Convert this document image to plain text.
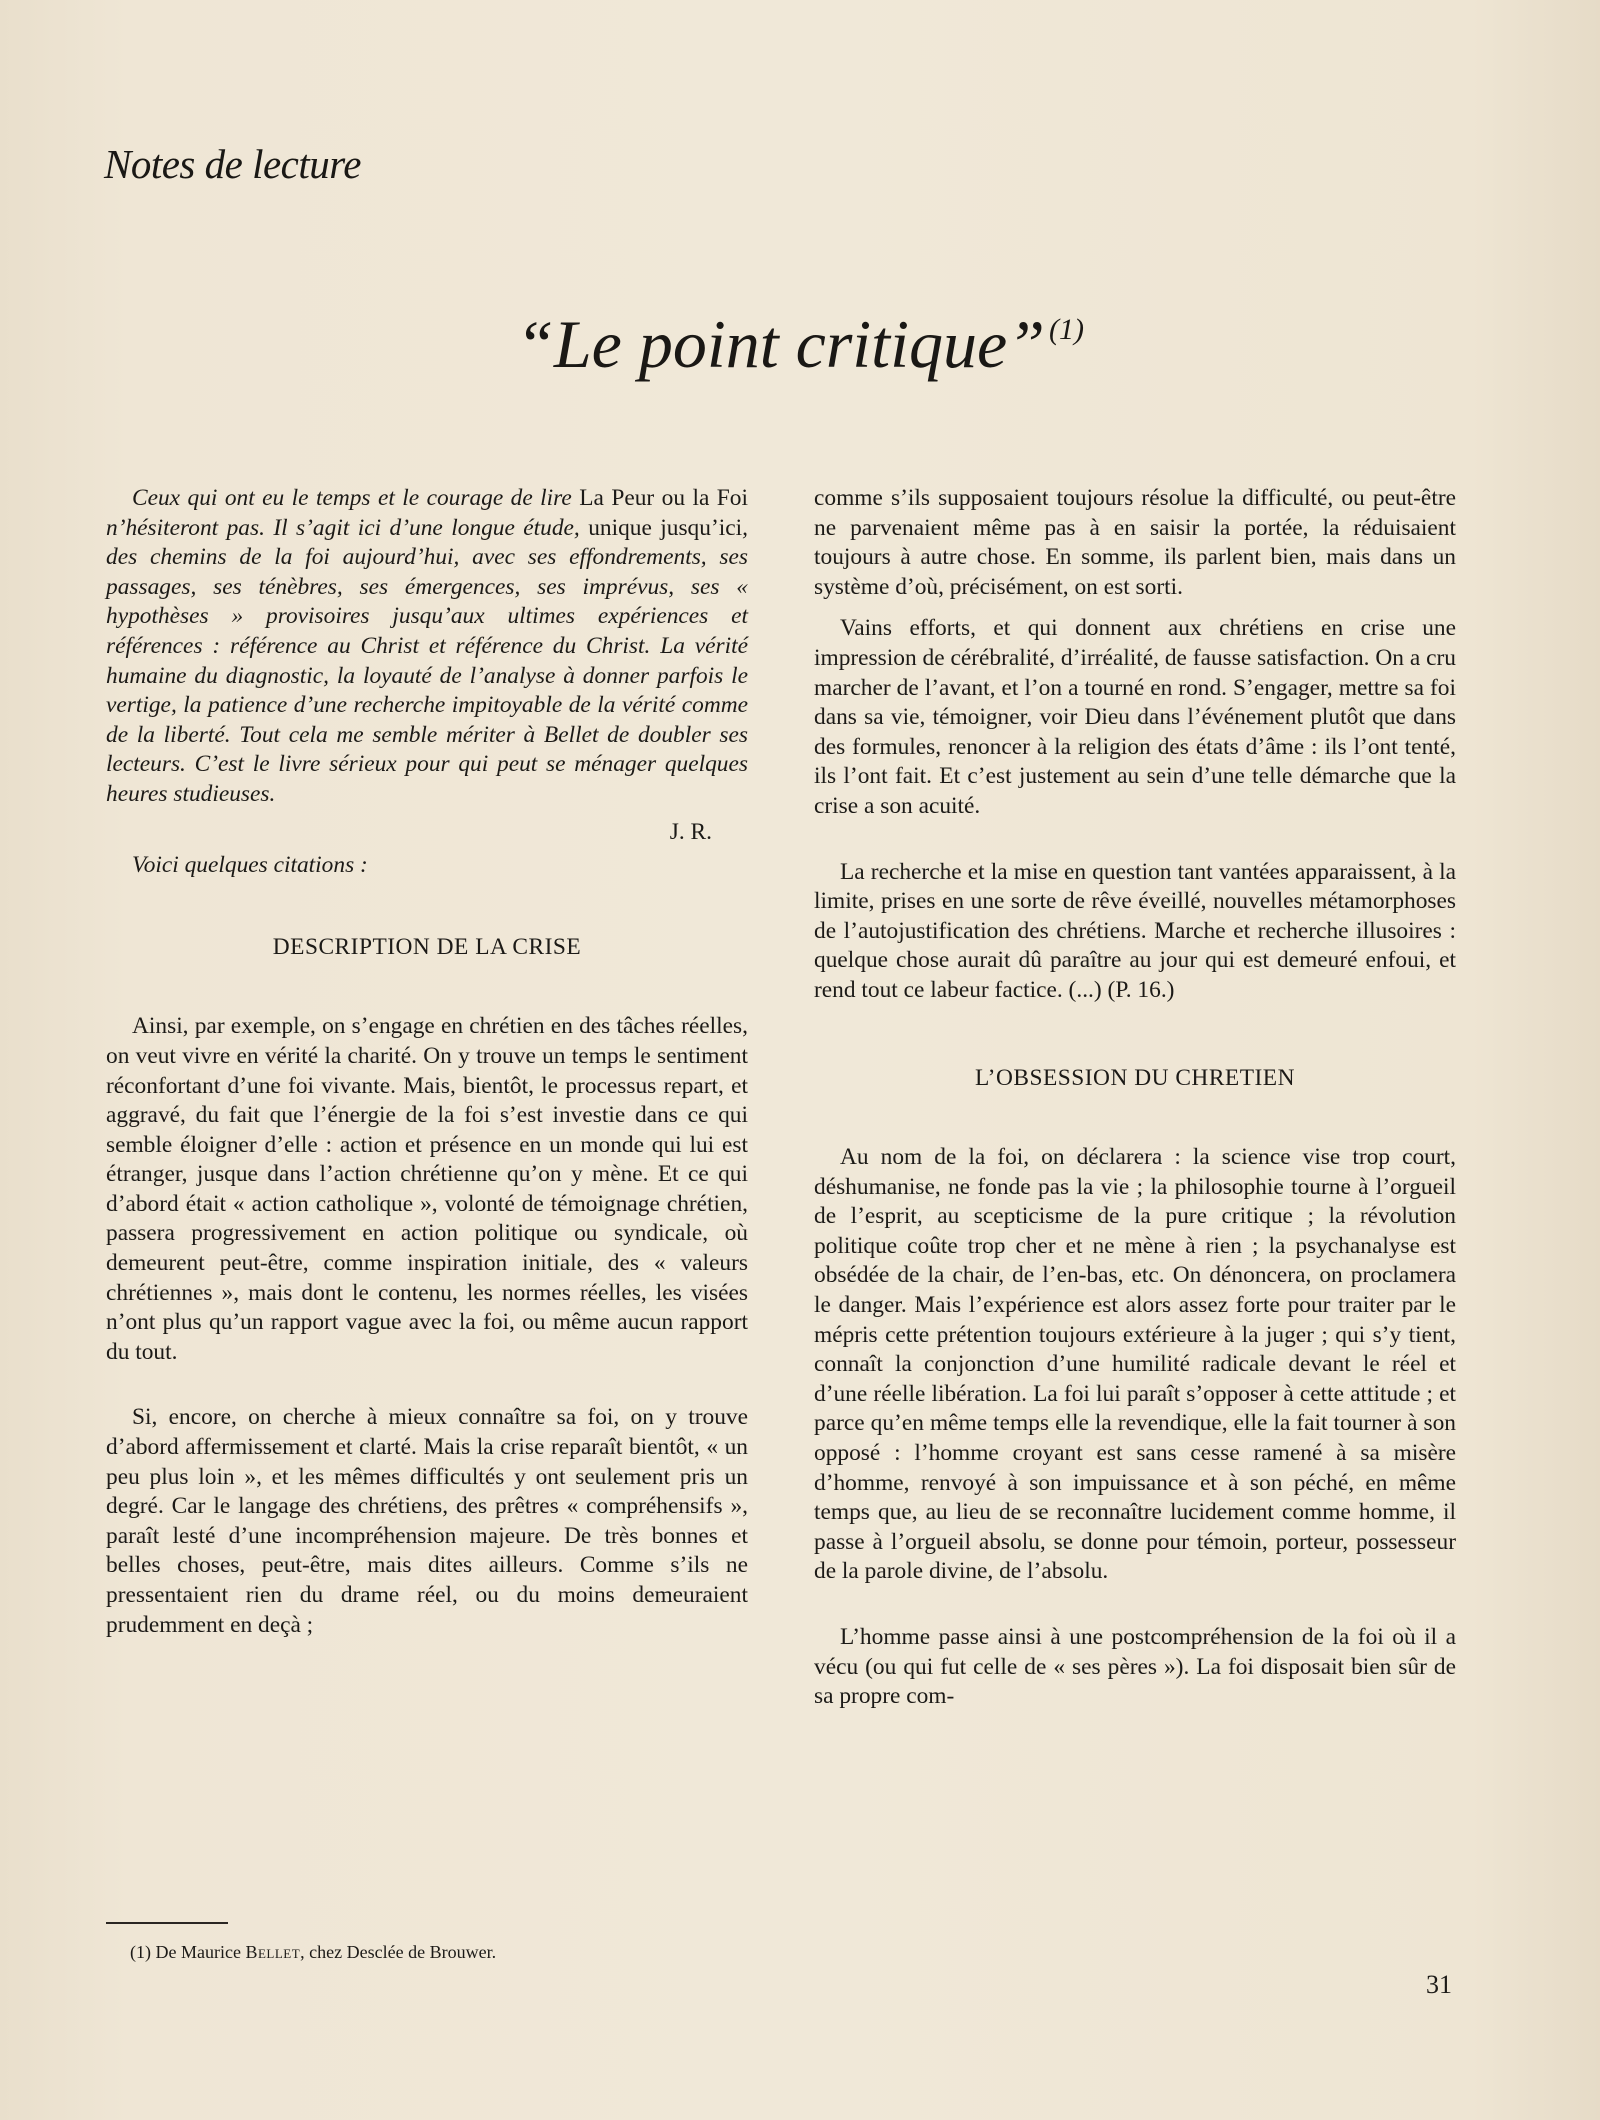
Notes de lecture
“Le point critique” $^{(1)}$

Ceux qui ont eu le temps et le courage de lire La Peur ou la Foi n’hésiteront pas. Il s’agit ici d’une longue étude, unique jusqu’ici, des chemins de la foi aujourd’hui, avec ses effondrements, ses passages, ses ténèbres, ses émergences, ses imprévus, ses « hypothèses » provisoires jusqu’aux ultimes expériences et références : référence au Christ et référence du Christ. La vérité humaine du diagnostic, la loyauté de l’analyse à donner parfois le vertige, la patience d’une recherche impitoyable de la vérité comme de la liberté. Tout cela me semble mériter à Bellet de doubler ses lecteurs. C’est le livre sérieux pour qui peut se ménager quelques heures studieuses.

J. R.

Voici quelques citations :

DESCRIPTION DE LA CRISE

Ainsi, par exemple, on s’engage en chrétien en des tâches réelles, on veut vivre en vérité la charité. On y trouve un temps le sentiment réconfortant d’une foi vivante. Mais, bientôt, le processus repart, et aggravé, du fait que l’énergie de la foi s’est investie dans ce qui semble éloigner d’elle : action et présence en un monde qui lui est étranger, jusque dans l’action chrétienne qu’on y mène. Et ce qui d’abord était « action catholique », volonté de témoignage chrétien, passera progressivement en action politique ou syndicale, où demeurent peut-être, comme inspiration initiale, des « valeurs chrétiennes », mais dont le contenu, les normes réelles, les visées n’ont plus qu’un rapport vague avec la foi, ou même aucun rapport du tout.

Si, encore, on cherche à mieux connaître sa foi, on y trouve d’abord affermissement et clarté. Mais la crise reparaît bientôt, « un peu plus loin », et les mêmes difficultés y ont seulement pris un degré. Car le langage des chrétiens, des prêtres « compréhensifs », paraît lesté d’une incompréhension majeure. De très bonnes et belles choses, peut-être, mais dites ailleurs. Comme s’ils ne pressentaient rien du drame réel, ou du moins demeuraient prudemment en deçà ;

comme s’ils supposaient toujours résolue la difficulté, ou peut-être ne parvenaient même pas à en saisir la portée, la réduisaient toujours à autre chose. En somme, ils parlent bien, mais dans un système d’où, précisément, on est sorti.

Vains efforts, et qui donnent aux chrétiens en crise une impression de cérébralité, d’irréalité, de fausse satisfaction. On a cru marcher de l’avant, et l’on a tourné en rond. S’engager, mettre sa foi dans sa vie, témoigner, voir Dieu dans l’événement plutôt que dans des formules, renoncer à la religion des états d’âme : ils l’ont tenté, ils l’ont fait. Et c’est justement au sein d’une telle démarche que la crise a son acuité.

La recherche et la mise en question tant vantées apparaissent, à la limite, prises en une sorte de rêve éveillé, nouvelles métamorphoses de l’autojustification des chrétiens. Marche et recherche illusoires : quelque chose aurait dû paraître au jour qui est demeuré enfoui, et rend tout ce labeur factice. (...) (P. 16.)

L’OBSESSION DU CHRETIEN

Au nom de la foi, on déclarera : la science vise trop court, déshumanise, ne fonde pas la vie ; la philosophie tourne à l’orgueil de l’esprit, au scepticisme de la pure critique ; la révolution politique coûte trop cher et ne mène à rien ; la psychanalyse est obsédée de la chair, de l’en-bas, etc. On dénoncera, on proclamera le danger. Mais l’expérience est alors assez forte pour traiter par le mépris cette prétention toujours extérieure à la juger ; qui s’y tient, connaît la conjonction d’une humilité radicale devant le réel et d’une réelle libération. La foi lui paraît s’opposer à cette attitude ; et parce qu’en même temps elle la revendique, elle la fait tourner à son opposé : l’homme croyant est sans cesse ramené à sa misère d’homme, renvoyé à son impuissance et à son péché, en même temps que, au lieu de se reconnaître lucidement comme homme, il passe à l’orgueil absolu, se donne pour témoin, porteur, possesseur de la parole divine, de l’absolu.

L’homme passe ainsi à une postcompréhension de la foi où il a vécu (ou qui fut celle de « ses pères »). La foi disposait bien sûr de sa propre com-

(1) De Maurice Bellet, chez Desclée de Brouwer.
31
